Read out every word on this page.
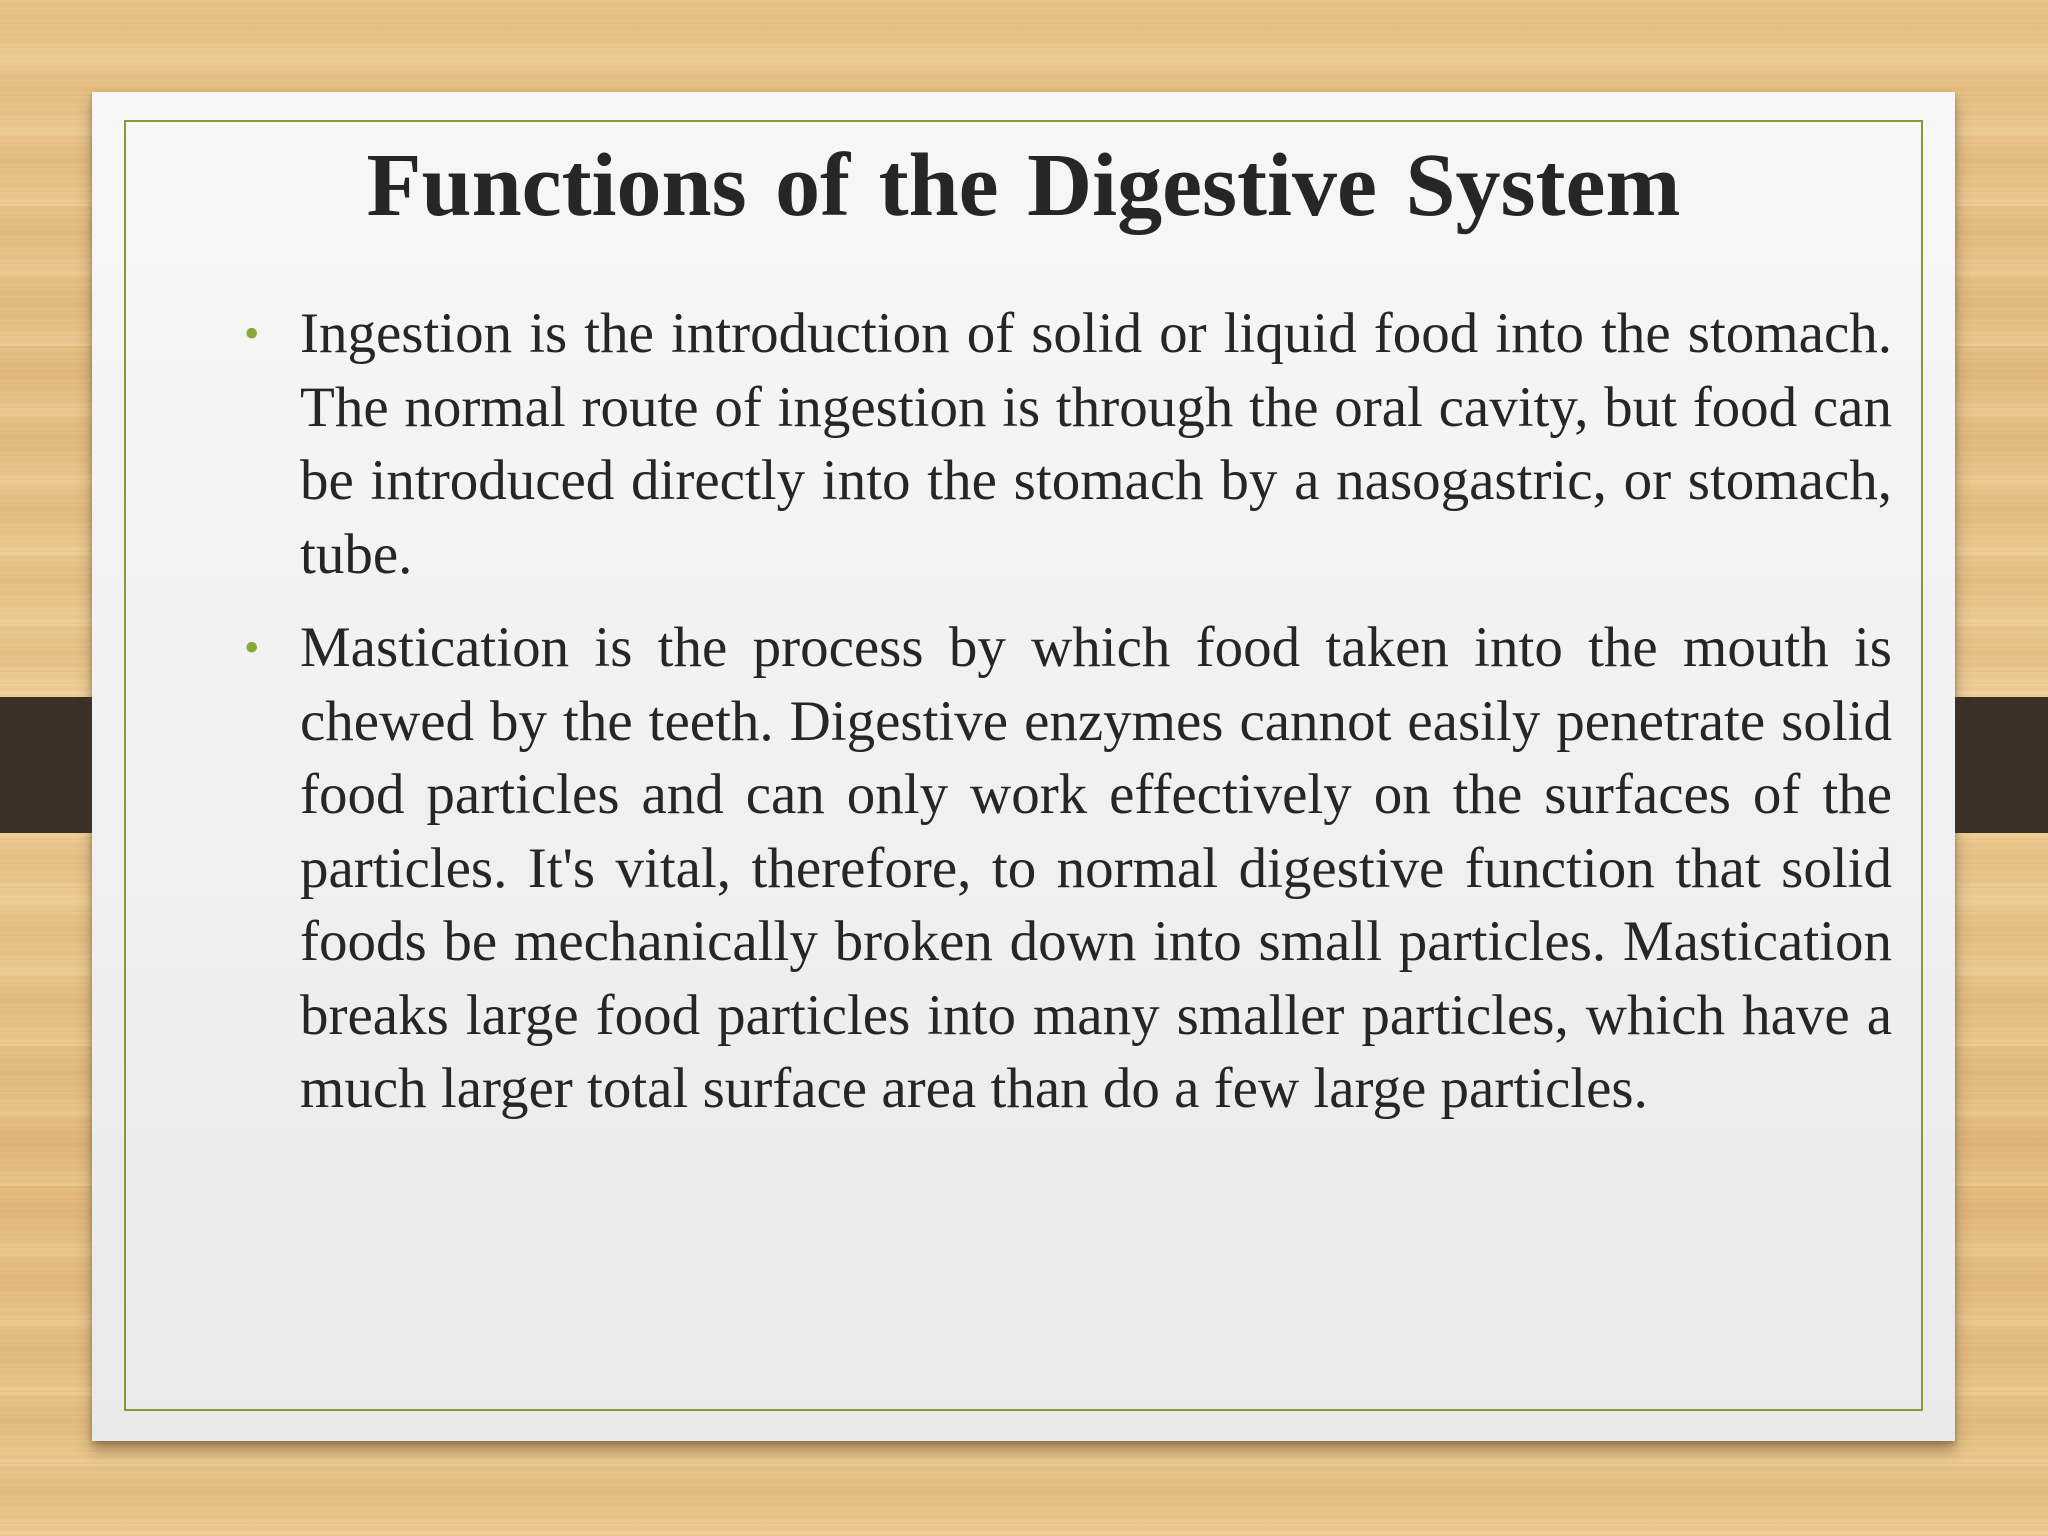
Functions of the Digestive System
• Ingestion is the introduction of solid or liquid food into the stomach. The normal route of ingestion is through the oral cavity, but food can be introduced directly into the stomach by a nasogastric, or stomach, tube.
• Mastication is the process by which food taken into the mouth is chewed by the teeth. Digestive enzymes cannot easily penetrate solid food particles and can only work effectively on the surfaces of the particles. It's vital, therefore, to normal digestive function that solid foods be mechanically broken down into small particles. Mastication breaks large food particles into many smaller particles, which have a much larger total surface area than do a few large particles.
